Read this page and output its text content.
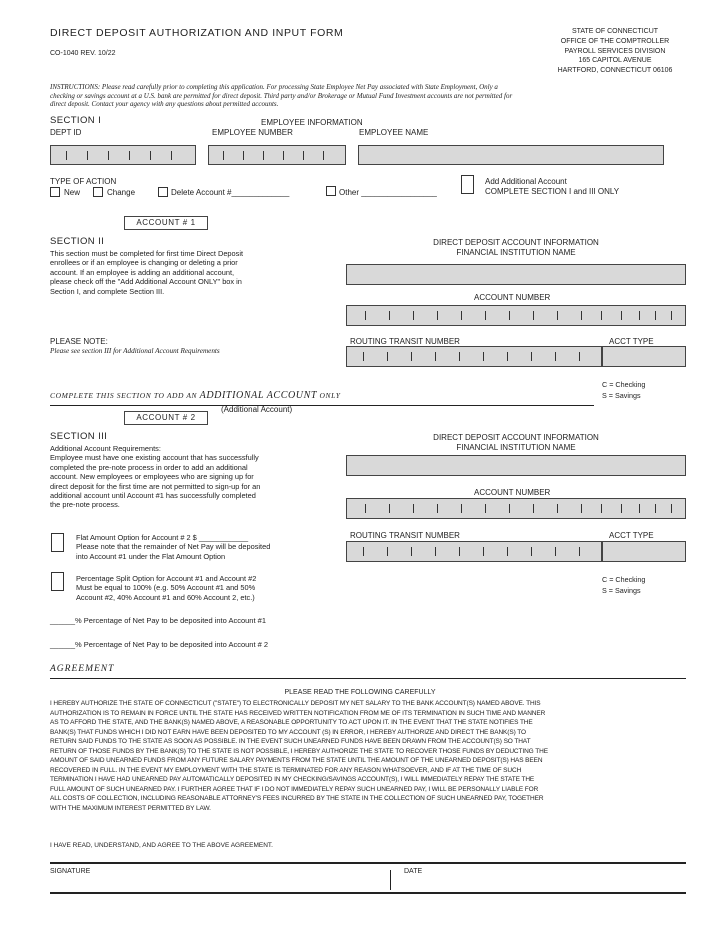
DIRECT DEPOSIT AUTHORIZATION AND INPUT FORM
CO-1040 REV. 10/22
STATE OF CONNECTICUT
OFFICE OF THE COMPTROLLER
PAYROLL SERVICES DIVISION
165 CAPITOL AVENUE
HARTFORD, CONNECTICUT 06106
INSTRUCTIONS: Please read carefully prior to completing this application. For processing State Employee Net Pay associated with State Employment, Only a
checking or savings account at a U.S. bank are permitted for direct deposit. Third party and/or Brokerage or Mutual Fund Investment accounts are not permitted for
direct deposit. Contact your agency with any questions about permitted accounts.
SECTION I	EMPLOYEE INFORMATION
DEPT ID	EMPLOYEE NUMBER	EMPLOYEE NAME
TYPE OF ACTION
New	Change	Delete Account #_____________	Other _________________
Add Additional Account
COMPLETE SECTION I and III ONLY
ACCOUNT # 1
SECTION II
This section must be completed for first time Direct Deposit
enrollees or if an employee is changing or deleting a prior
account. If an employee is adding an additional account,
please check off the "Add Additional Account ONLY" box in
Section I, and complete Section III.
DIRECT DEPOSIT ACCOUNT INFORMATION
FINANCIAL INSTITUTION NAME
ACCOUNT NUMBER
PLEASE NOTE:
Please see section III for Additional Account Requirements
ROUTING TRANSIT NUMBER	ACCT TYPE
C = Checking
S = Savings
COMPLETE THIS SECTION TO ADD AN ADDITIONAL ACCOUNT ONLY
ACCOUNT # 2
(Additional Account)
SECTION III
Additional Account Requirements:
Employee must have one existing account that has successfully
completed the pre-note process in order to add an additional
account. New employees or employees who are signing up for
direct deposit for the first time are not permitted to sign-up for an
additional account until Account #1 has successfully completed
the pre-note process.
DIRECT DEPOSIT ACCOUNT INFORMATION
FINANCIAL INSTITUTION NAME
ACCOUNT NUMBER
ROUTING TRANSIT NUMBER	ACCT TYPE
Flat Amount Option for Account # 2 $ ____________
Please note that the remainder of Net Pay will be deposited
into Account #1 under the Flat Amount Option
Percentage Split Option for Account #1 and Account #2
Must be equal to 100% (e.g. 50% Account #1 and 50%
Account #2, 40% Account #1 and 60% Account 2, etc.)
C = Checking
S = Savings
______% Percentage of Net Pay to be deposited into Account #1
______% Percentage of Net Pay to be deposited into Account # 2
AGREEMENT
PLEASE READ THE FOLLOWING CAREFULLY
I HEREBY AUTHORIZE THE STATE OF CONNECTICUT ("STATE") TO ELECTRONICALLY DEPOSIT MY NET SALARY TO THE BANK ACCOUNT(S) NAMED ABOVE. THIS
AUTHORIZATION IS TO REMAIN IN FORCE UNTIL THE STATE HAS RECEIVED WRITTEN NOTIFICATION FROM ME OF ITS TERMINATION IN SUCH TIME AND MANNER
AS TO AFFORD THE STATE, AND THE BANK(S) NAMED ABOVE, A REASONABLE OPPORTUNITY TO ACT UPON IT. IN THE EVENT THAT THE STATE NOTIFIES THE
BANK(S) THAT FUNDS WHICH I DID NOT EARN HAVE BEEN DEPOSITED TO MY ACCOUNT (S) IN ERROR, I HEREBY AUTHORIZE AND DIRECT THE BANK(S) TO
RETURN SAID FUNDS TO THE STATE AS SOON AS POSSIBLE. IN THE EVENT SUCH UNEARNED FUNDS HAVE BEEN DRAWN FROM THE ACCOUNT(S) SO THAT
RETURN OF THOSE FUNDS BY THE BANK(S) TO THE STATE IS NOT POSSIBLE, I HEREBY AUTHORIZE THE STATE TO RECOVER THOSE FUNDS BY DEDUCTING THE
AMOUNT OF SAID UNEARNED FUNDS FROM ANY FUTURE SALARY PAYMENTS FROM THE STATE UNTIL THE AMOUNT OF THE UNEARNED DEPOSIT(S) HAS BEEN
RECOVERED IN FULL. IN THE EVENT MY EMPLOYMENT WITH THE STATE IS TERMINATED FOR ANY REASON WHATSOEVER, AND IF AT THE TIME OF SUCH
TERMINATION I HAVE HAD UNEARNED PAY AUTOMATICALLY DEPOSITED IN MY CHECKING/SAVINGS ACCOUNT(S), I WILL IMMEDIATELY REPAY THE STATE THE
FULL AMOUNT OF SUCH UNEARNED PAY. I FURTHER AGREE THAT IF I DO NOT IMMEDIATELY REPAY SUCH UNEARNED PAY, I WILL BE PERSONALLY LIABLE FOR
ALL COSTS OF COLLECTION, INCLUDING REASONABLE ATTORNEY'S FEES INCURRED BY THE STATE IN THE COLLECTION OF SUCH UNEARNED PAY, TOGETHER
WITH THE MAXIMUM INTEREST PERMITTED BY LAW.
I HAVE READ, UNDERSTAND, AND AGREE TO THE ABOVE AGREEMENT.
SIGNATURE	DATE
